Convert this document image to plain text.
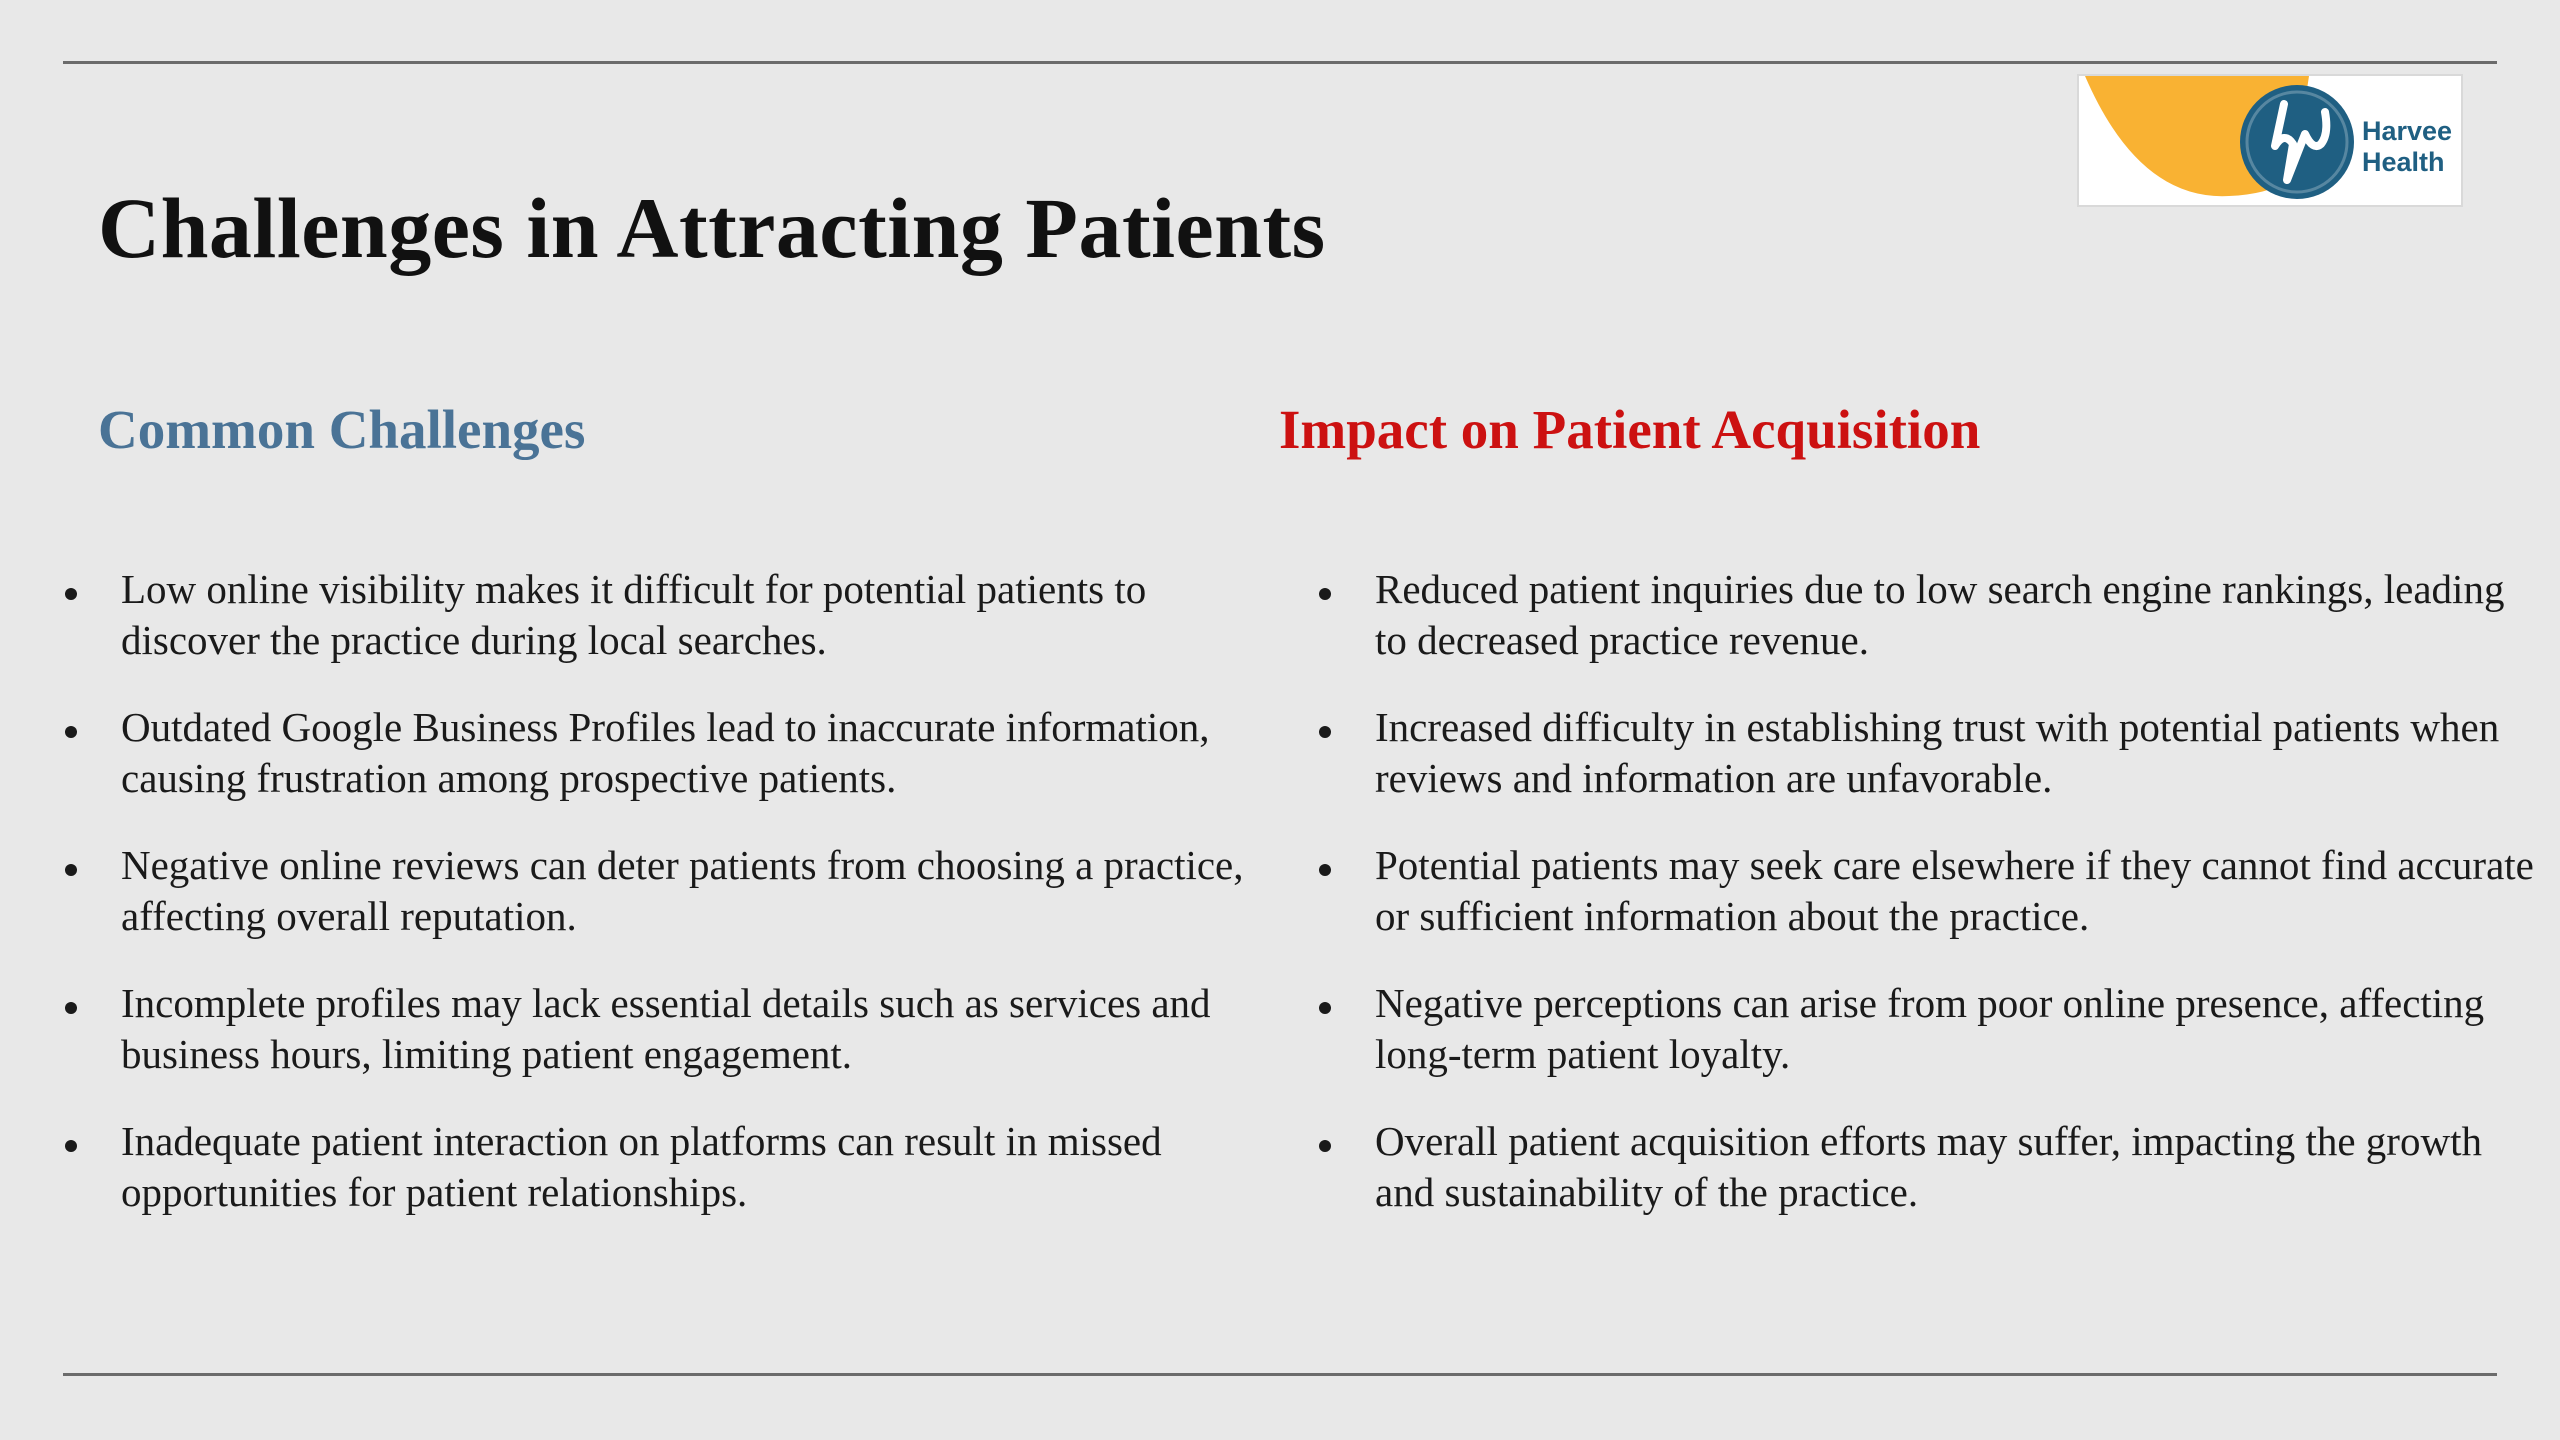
Harvee
Health
Challenges in Attracting Patients
Common Challenges
Low online visibility makes it difficult for potential patients to discover the practice during local searches.
Outdated Google Business Profiles lead to inaccurate information, causing frustration among prospective patients.
Negative online reviews can deter patients from choosing a practice, affecting overall reputation.
Incomplete profiles may lack essential details such as services and business hours, limiting patient engagement.
Inadequate patient interaction on platforms can result in missed opportunities for patient relationships.
Impact on Patient Acquisition
Reduced patient inquiries due to low search engine rankings, leading to decreased practice revenue.
Increased difficulty in establishing trust with potential patients when reviews and information are unfavorable.
Potential patients may seek care elsewhere if they cannot find accurate or sufficient information about the practice.
Negative perceptions can arise from poor online presence, affecting long-term patient loyalty.
Overall patient acquisition efforts may suffer, impacting the growth and sustainability of the practice.
